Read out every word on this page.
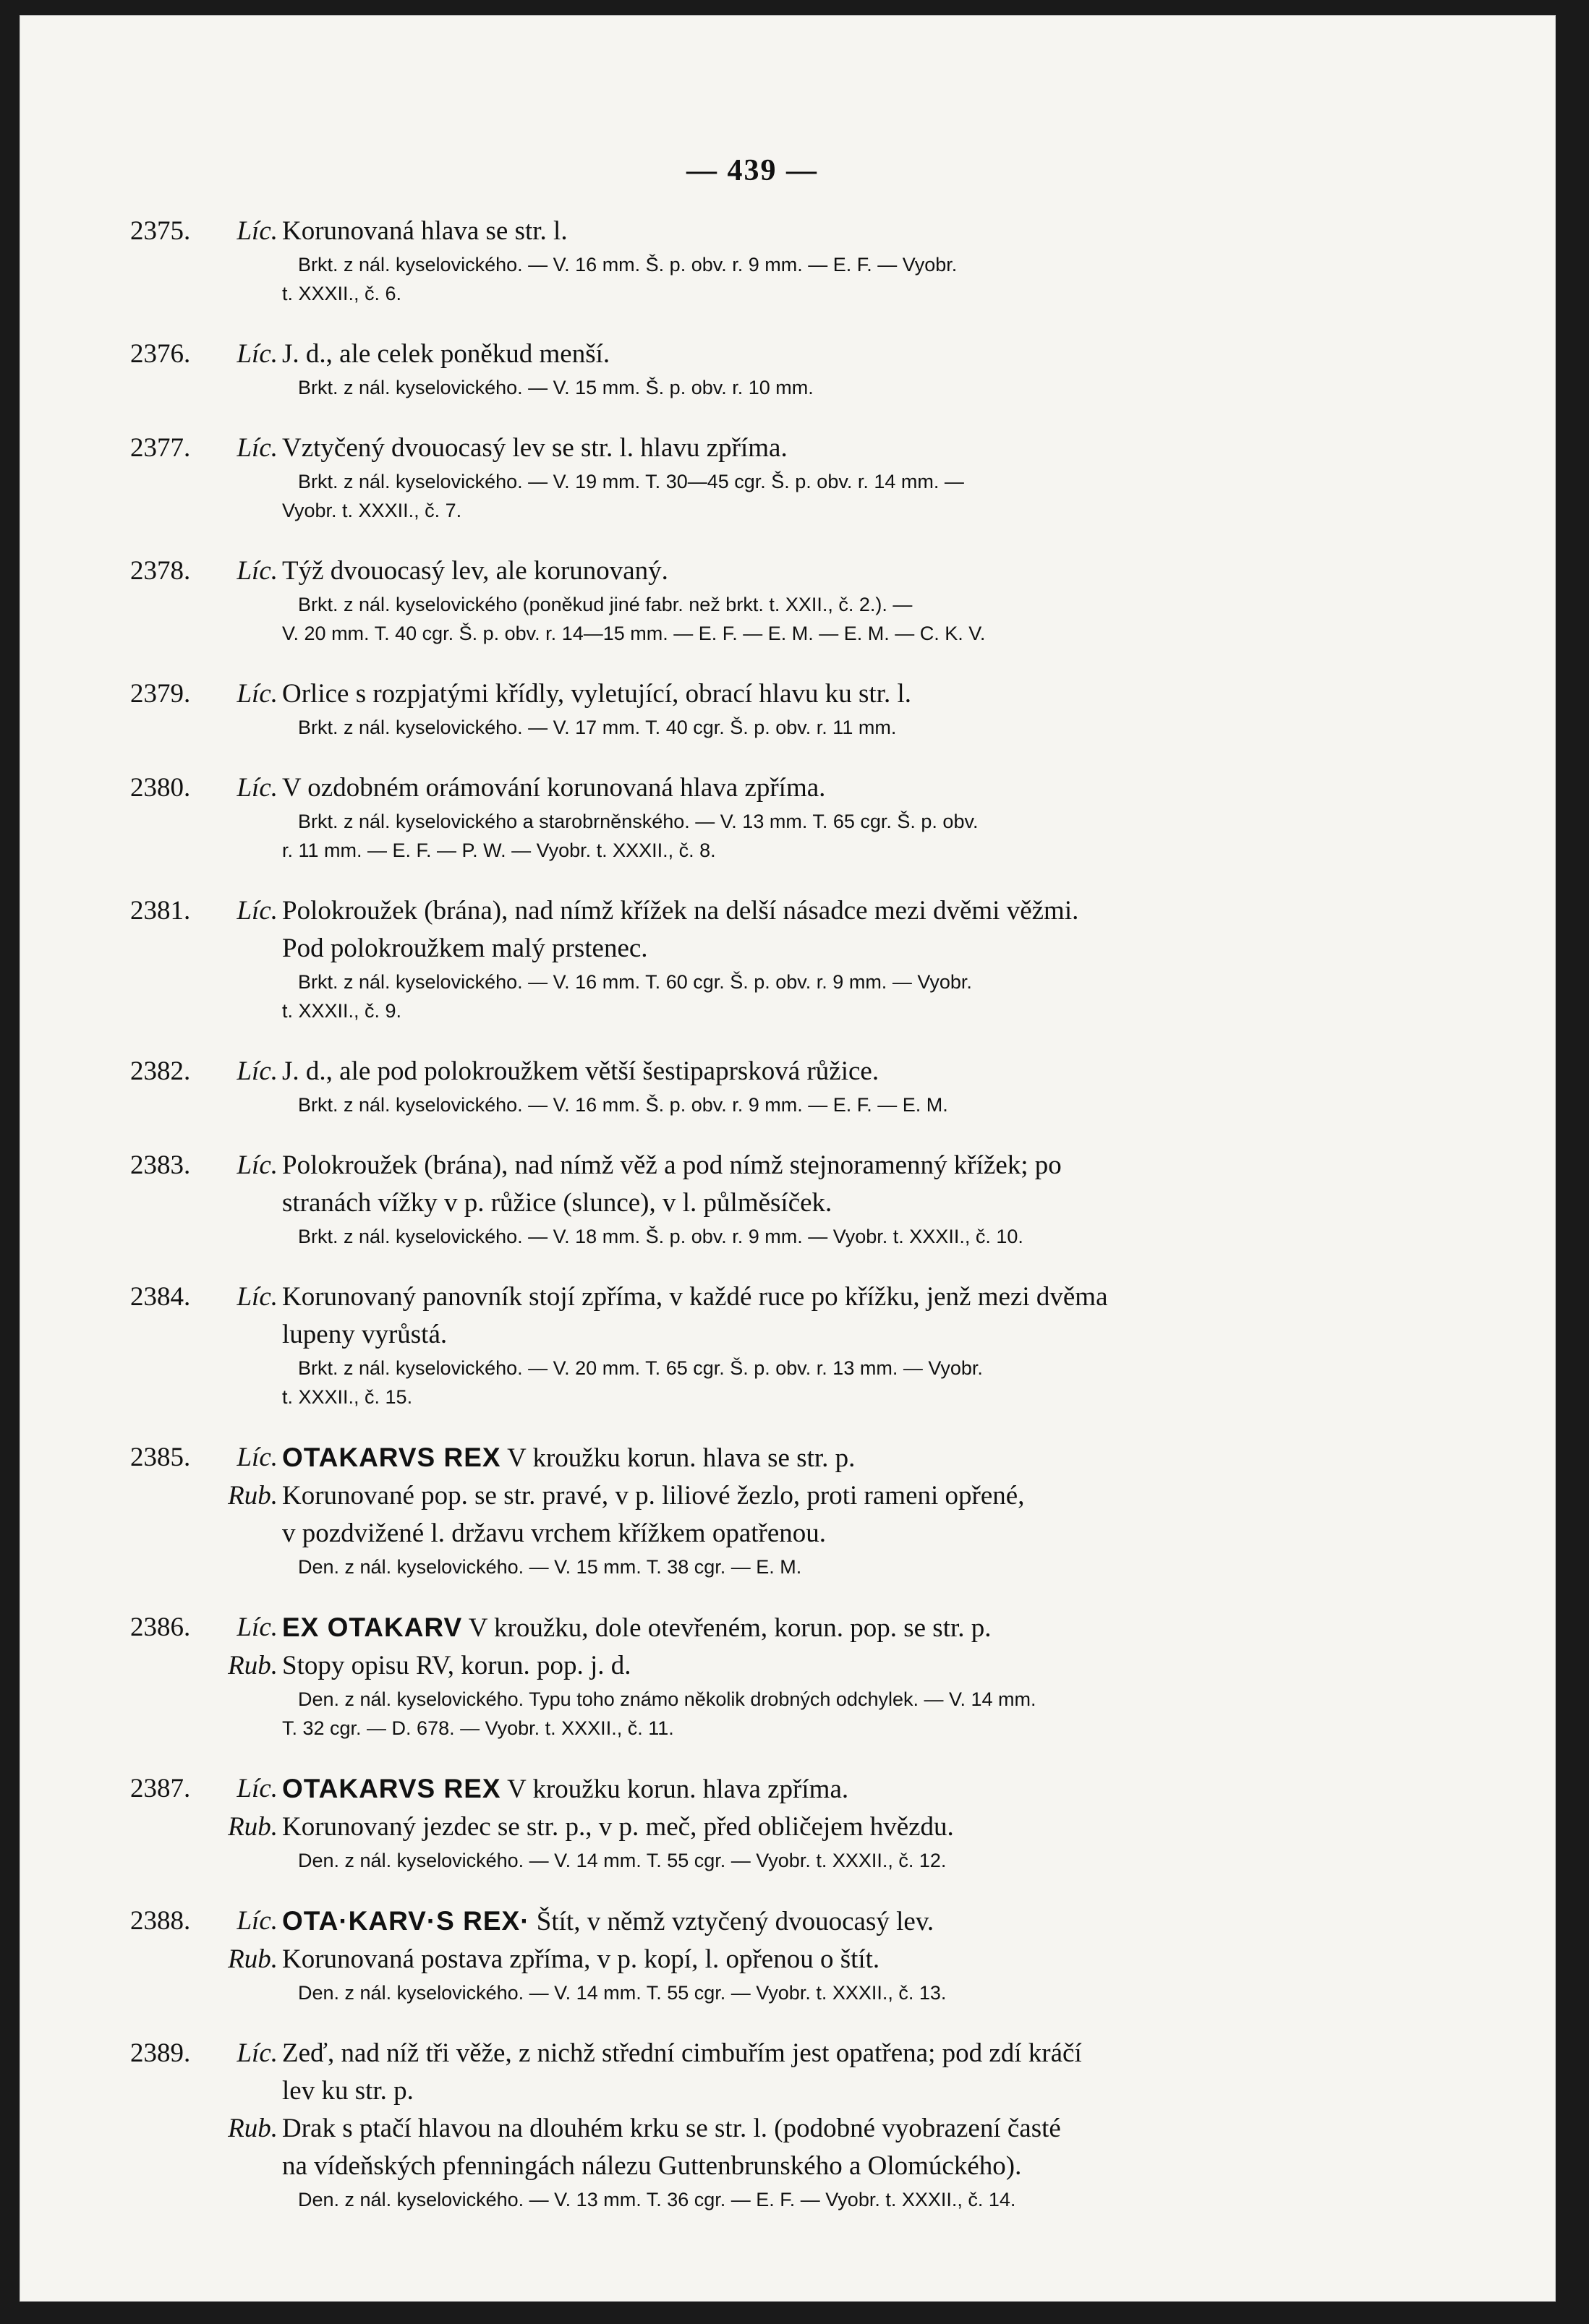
— 439 —
2375.	Líc. Korunovaná hlava se str. l.
Brkt. z nál. kyselovického. — V. 16 mm. Š. p. obv. r. 9 mm. — E. F. — Vyobr.
t. XXXII., č. 6.
2376.	Líc. J. d., ale celek poněkud menší.
Brkt. z nál. kyselovického. — V. 15 mm. Š. p. obv. r. 10 mm.
2377.	Líc. Vztyčený dvouocasý lev se str. l. hlavu zpříma.
Brkt. z nál. kyselovického. — V. 19 mm. T. 30—45 cgr. Š. p. obv. r. 14 mm. —
Vyobr. t. XXXII., č. 7.
2378.	Líc. Týž dvouocasý lev, ale korunovaný.
Brkt. z nál. kyselovického (poněkud jiné fabr. než brkt. t. XXII., č. 2.). —
V. 20 mm. T. 40 cgr. Š. p. obv. r. 14—15 mm. — E. F. — E. M. — E. M. — C. K. V.
2379.	Líc. Orlice s rozpjatými křídly, vyletující, obrací hlavu ku str. l.
Brkt. z nál. kyselovického. — V. 17 mm. T. 40 cgr. Š. p. obv. r. 11 mm.
2380.	Líc. V ozdobném orámování korunovaná hlava zpříma.
Brkt. z nál. kyselovického a starobrněnského. — V. 13 mm. T. 65 cgr. Š. p. obv.
r. 11 mm. — E. F. — P. W. — Vyobr. t. XXXII., č. 8.
2381.	Líc. Polokroužek (brána), nad nímž křížek na delší násadce mezi dvěmi věžmi.
Pod polokroužkem malý prstenec.
Brkt. z nál. kyselovického. — V. 16 mm. T. 60 cgr. Š. p. obv. r. 9 mm. — Vyobr.
t. XXXII., č. 9.
2382.	Líc. J. d., ale pod polokroužkem větší šestipaprsková růžice.
Brkt. z nál. kyselovického. — V. 16 mm. Š. p. obv. r. 9 mm. — E. F. — E. M.
2383.	Líc. Polokroužek (brána), nad nímž věž a pod nímž stejnoramenný křížek; po
stranách vížky v p. růžice (slunce), v l. půlměsíček.
Brkt. z nál. kyselovického. — V. 18 mm. Š. p. obv. r. 9 mm. — Vyobr. t. XXXII., č. 10.
2384.	Líc. Korunovaný panovník stojí zpříma, v každé ruce po křížku, jenž mezi dvěma
lupeny vyrůstá.
Brkt. z nál. kyselovického. — V. 20 mm. T. 65 cgr. Š. p. obv. r. 13 mm. — Vyobr.
t. XXXII., č. 15.
2385.	Líc. OTAKARVS REX V kroužku korun. hlava se str. p.
Rub. Korunované pop. se str. pravé, v p. liliové žezlo, proti rameni opřené,
v pozdvižené l. državu vrchem křížkem opatřenou.
Den. z nál. kyselovického. — V. 15 mm. T. 38 cgr. — E. M.
2386.	Líc. EX OTAKARV V kroužku, dole otevřeném, korun. pop. se str. p.
Rub. Stopy opisu RV, korun. pop. j. d.
Den. z nál. kyselovického. Typu toho známo několik drobných odchylek. — V. 14 mm.
T. 32 cgr. — D. 678. — Vyobr. t. XXXII., č. 11.
2387.	Líc. OTAKARVS REX V kroužku korun. hlava zpříma.
Rub. Korunovaný jezdec se str. p., v p. meč, před obličejem hvězdu.
Den. z nál. kyselovického. — V. 14 mm. T. 55 cgr. — Vyobr. t. XXXII., č. 12.
2388.	Líc. OTA·KARV·S REX· Štít, v němž vztyčený dvouocasý lev.
Rub. Korunovaná postava zpříma, v p. kopí, l. opřenou o štít.
Den. z nál. kyselovického. — V. 14 mm. T. 55 cgr. — Vyobr. t. XXXII., č. 13.
2389.	Líc. Zeď, nad níž tři věže, z nichž střední cimbuřím jest opatřena; pod zdí kráčí
lev ku str. p.
Rub. Drak s ptačí hlavou na dlouhém krku se str. l. (podobné vyobrazení časté
na vídeňských pfenningách nálezu Guttenbrunského a Olomúckého).
Den. z nál. kyselovického. — V. 13 mm. T. 36 cgr. — E. F. — Vyobr. t. XXXII., č. 14.
